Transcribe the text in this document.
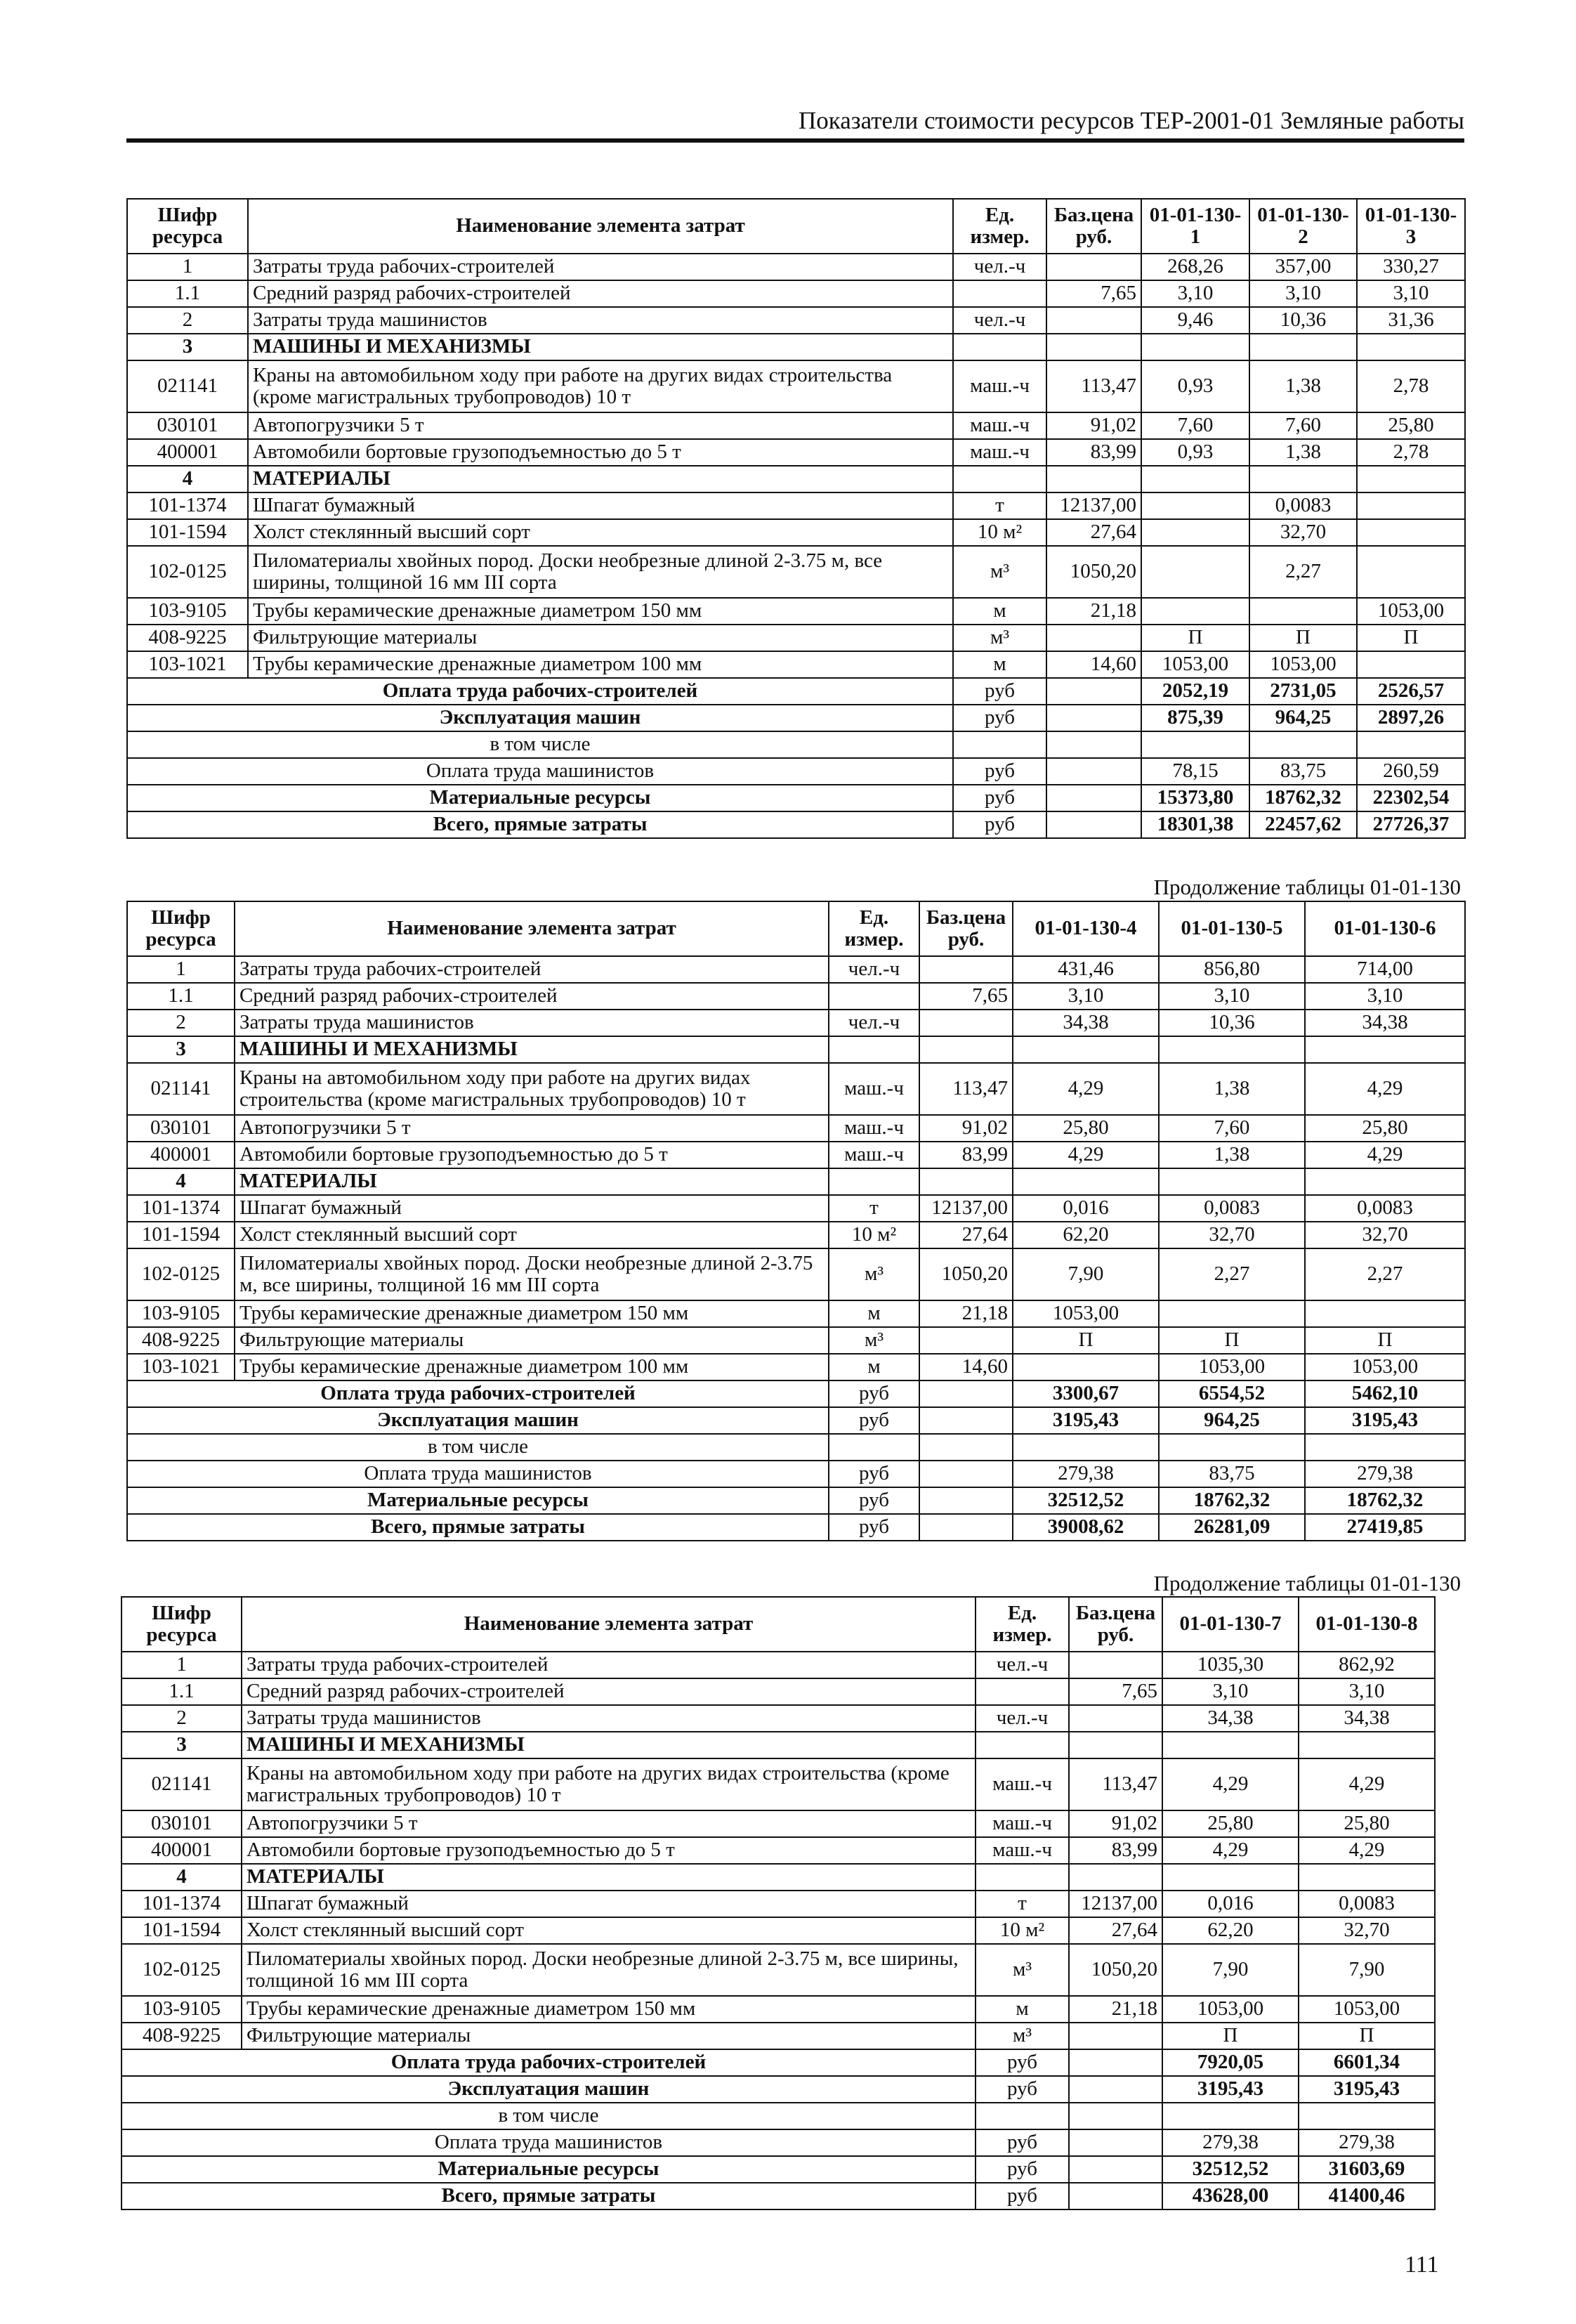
Показатели стоимости ресурсов ТЕР-2001-01 Земляные работы
Шифр ресурса	Наименование элемента затрат	Ед. измер.	Баз.цена руб.	01-01-130-1	01-01-130-2	01-01-130-3
1	Затраты труда рабочих-строителей	чел.-ч		268,26	357,00	330,27
1.1	Средний разряд рабочих-строителей		7,65	3,10	3,10	3,10
2	Затраты труда машинистов	чел.-ч		9,46	10,36	31,36
3	МАШИНЫ И МЕХАНИЗМЫ					
021141	Краны на автомобильном ходу при работе на других видах строительства (кроме магистральных трубопроводов) 10 т	маш.-ч	113,47	0,93	1,38	2,78
030101	Автопогрузчики 5 т	маш.-ч	91,02	7,60	7,60	25,80
400001	Автомобили бортовые грузоподъемностью до 5 т	маш.-ч	83,99	0,93	1,38	2,78
4	МАТЕРИАЛЫ					
101-1374	Шпагат бумажный	т	12137,00		0,0083	
101-1594	Холст стеклянный высший сорт	10 м²	27,64		32,70	
102-0125	Пиломатериалы хвойных пород. Доски необрезные длиной 2-3.75 м, все ширины, толщиной 16 мм III сорта	м³	1050,20		2,27	
103-9105	Трубы керамические дренажные диаметром 150 мм	м	21,18			1053,00
408-9225	Фильтрующие материалы	м³		П	П	П
103-1021	Трубы керамические дренажные диаметром 100 мм	м	14,60	1053,00	1053,00	
Оплата труда рабочих-строителей		руб		2052,19	2731,05	2526,57
Эксплуатация машин		руб		875,39	964,25	2897,26
в том числе						
Оплата труда машинистов		руб		78,15	83,75	260,59
Материальные ресурсы		руб		15373,80	18762,32	22302,54
Всего, прямые затраты		руб		18301,38	22457,62	27726,37
Продолжение таблицы 01-01-130
Шифр ресурса	Наименование элемента затрат	Ед. измер.	Баз.цена руб.	01-01-130-4	01-01-130-5	01-01-130-6
1	Затраты труда рабочих-строителей	чел.-ч		431,46	856,80	714,00
1.1	Средний разряд рабочих-строителей		7,65	3,10	3,10	3,10
2	Затраты труда машинистов	чел.-ч		34,38	10,36	34,38
3	МАШИНЫ И МЕХАНИЗМЫ					
021141	Краны на автомобильном ходу при работе на других видах строительства (кроме магистральных трубопроводов) 10 т	маш.-ч	113,47	4,29	1,38	4,29
030101	Автопогрузчики 5 т	маш.-ч	91,02	25,80	7,60	25,80
400001	Автомобили бортовые грузоподъемностью до 5 т	маш.-ч	83,99	4,29	1,38	4,29
4	МАТЕРИАЛЫ					
101-1374	Шпагат бумажный	т	12137,00	0,016	0,0083	0,0083
101-1594	Холст стеклянный высший сорт	10 м²	27,64	62,20	32,70	32,70
102-0125	Пиломатериалы хвойных пород. Доски необрезные длиной 2-3.75 м, все ширины, толщиной 16 мм III сорта	м³	1050,20	7,90	2,27	2,27
103-9105	Трубы керамические дренажные диаметром 150 мм	м	21,18	1053,00		
408-9225	Фильтрующие материалы	м³		П	П	П
103-1021	Трубы керамические дренажные диаметром 100 мм	м	14,60		1053,00	1053,00
Оплата труда рабочих-строителей		руб		3300,67	6554,52	5462,10
Эксплуатация машин		руб		3195,43	964,25	3195,43
в том числе						
Оплата труда машинистов		руб		279,38	83,75	279,38
Материальные ресурсы		руб		32512,52	18762,32	18762,32
Всего, прямые затраты		руб		39008,62	26281,09	27419,85
Продолжение таблицы 01-01-130
Шифр ресурса	Наименование элемента затрат	Ед. измер.	Баз.цена руб.	01-01-130-7	01-01-130-8
1	Затраты труда рабочих-строителей	чел.-ч		1035,30	862,92
1.1	Средний разряд рабочих-строителей		7,65	3,10	3,10
2	Затраты труда машинистов	чел.-ч		34,38	34,38
3	МАШИНЫ И МЕХАНИЗМЫ				
021141	Краны на автомобильном ходу при работе на других видах строительства (кроме магистральных трубопроводов) 10 т	маш.-ч	113,47	4,29	4,29
030101	Автопогрузчики 5 т	маш.-ч	91,02	25,80	25,80
400001	Автомобили бортовые грузоподъемностью до 5 т	маш.-ч	83,99	4,29	4,29
4	МАТЕРИАЛЫ				
101-1374	Шпагат бумажный	т	12137,00	0,016	0,0083
101-1594	Холст стеклянный высший сорт	10 м²	27,64	62,20	32,70
102-0125	Пиломатериалы хвойных пород. Доски необрезные длиной 2-3.75 м, все ширины, толщиной 16 мм III сорта	м³	1050,20	7,90	7,90
103-9105	Трубы керамические дренажные диаметром 150 мм	м	21,18	1053,00	1053,00
408-9225	Фильтрующие материалы	м³		П	П
Оплата труда рабочих-строителей		руб		7920,05	6601,34
Эксплуатация машин		руб		3195,43	3195,43
в том числе					
Оплата труда машинистов		руб		279,38	279,38
Материальные ресурсы		руб		32512,52	31603,69
Всего, прямые затраты		руб		43628,00	41400,46
111
